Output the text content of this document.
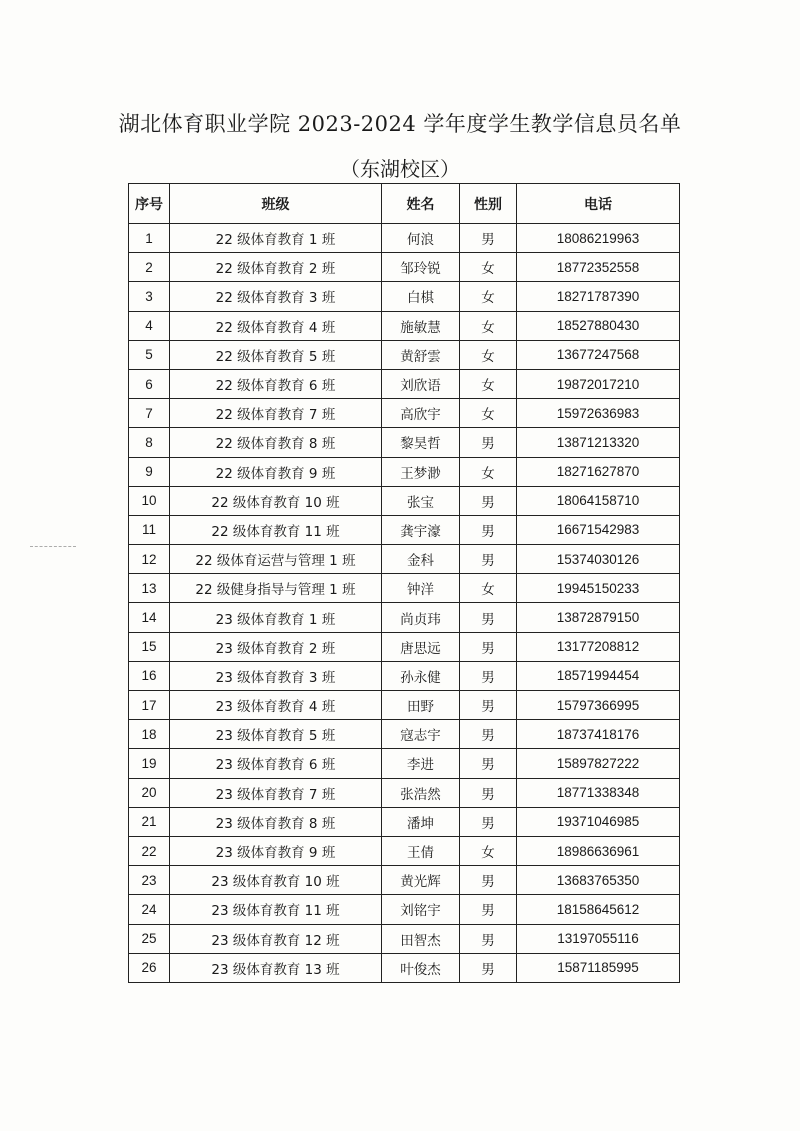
湖北体育职业学院 2023-2024 学年度学生教学信息员名单
（东湖校区）
序号	班级	姓名	性别	电话
1	22 级体育教育 1 班	何浪	男	18086219963
2	22 级体育教育 2 班	邹玲锐	女	18772352558
3	22 级体育教育 3 班	白棋	女	18271787390
4	22 级体育教育 4 班	施敏慧	女	18527880430
5	22 级体育教育 5 班	黄舒雲	女	13677247568
6	22 级体育教育 6 班	刘欣语	女	19872017210
7	22 级体育教育 7 班	高欣宇	女	15972636983
8	22 级体育教育 8 班	黎昊哲	男	13871213320
9	22 级体育教育 9 班	王梦渺	女	18271627870
10	22 级体育教育 10 班	张宝	男	18064158710
11	22 级体育教育 11 班	龚宇濠	男	16671542983
12	22 级体育运营与管理 1 班	金科	男	15374030126
13	22 级健身指导与管理 1 班	钟洋	女	19945150233
14	23 级体育教育 1 班	尚贞玮	男	13872879150
15	23 级体育教育 2 班	唐思远	男	13177208812
16	23 级体育教育 3 班	孙永健	男	18571994454
17	23 级体育教育 4 班	田野	男	15797366995
18	23 级体育教育 5 班	寇志宇	男	18737418176
19	23 级体育教育 6 班	李进	男	15897827222
20	23 级体育教育 7 班	张浩然	男	18771338348
21	23 级体育教育 8 班	潘坤	男	19371046985
22	23 级体育教育 9 班	王倩	女	18986636961
23	23 级体育教育 10 班	黄光辉	男	13683765350
24	23 级体育教育 11 班	刘铭宇	男	18158645612
25	23 级体育教育 12 班	田智杰	男	13197055116
26	23 级体育教育 13 班	叶俊杰	男	15871185995
